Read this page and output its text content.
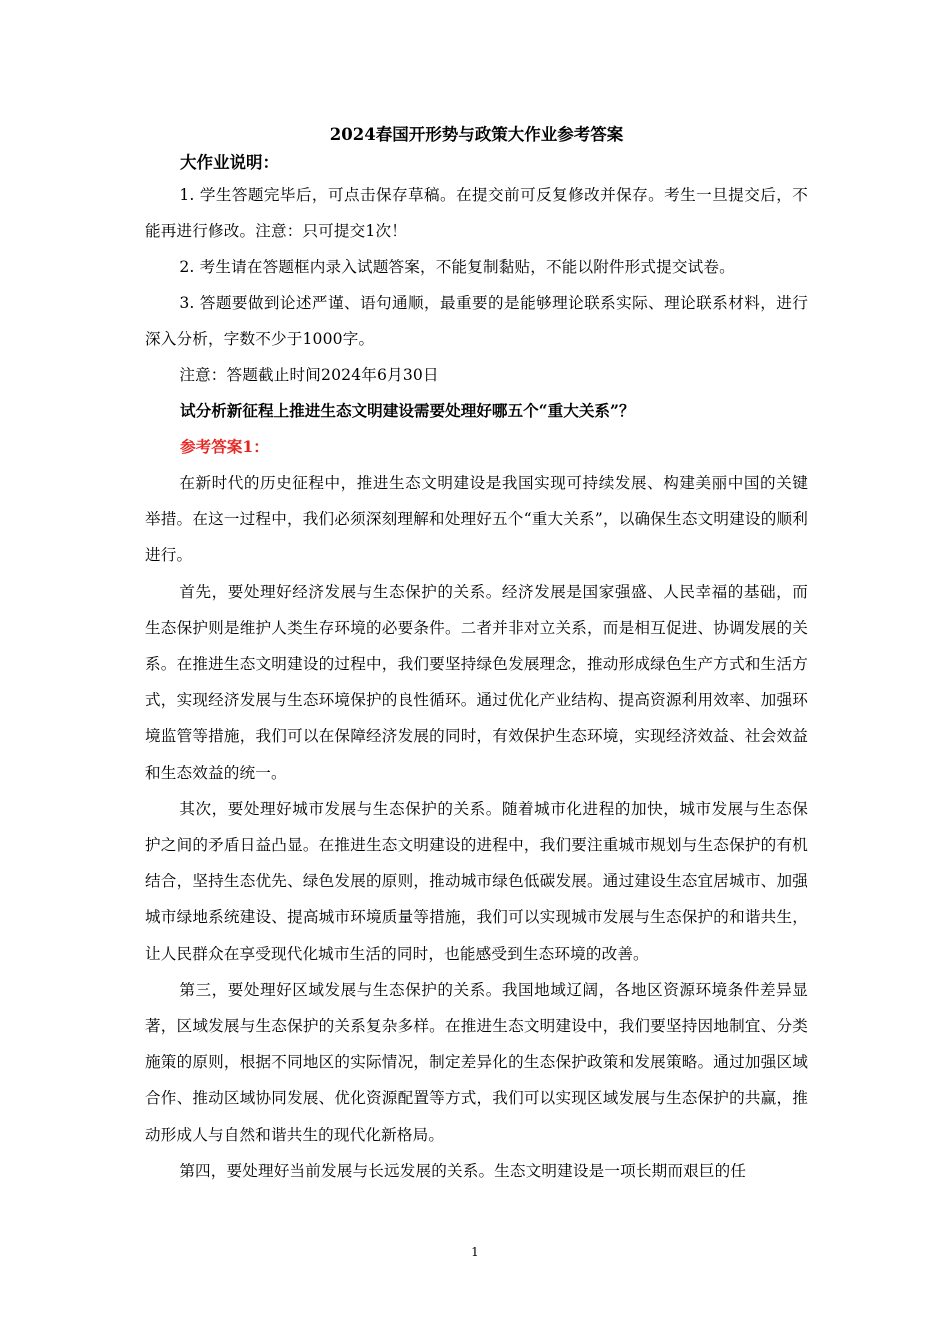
2024春国开形势与政策大作业参考答案

大作业说明：

1. 学生答题完毕后，可点击保存草稿。在提交前可反复修改并保存。考生一旦提交后，不能再进行修改。注意：只可提交1次！

2. 考生请在答题框内录入试题答案，不能复制黏贴，不能以附件形式提交试卷。

3. 答题要做到论述严谨、语句通顺，最重要的是能够理论联系实际、理论联系材料，进行深入分析，字数不少于1000字。

注意：答题截止时间2024年6月30日

试分析新征程上推进生态文明建设需要处理好哪五个“重大关系”？

参考答案1：

在新时代的历史征程中，推进生态文明建设是我国实现可持续发展、构建美丽中国的关键举措。在这一过程中，我们必须深刻理解和处理好五个“重大关系”，以确保生态文明建设的顺利进行。

首先，要处理好经济发展与生态保护的关系。经济发展是国家强盛、人民幸福的基础，而生态保护则是维护人类生存环境的必要条件。二者并非对立关系，而是相互促进、协调发展的关系。在推进生态文明建设的过程中，我们要坚持绿色发展理念，推动形成绿色生产方式和生活方式，实现经济发展与生态环境保护的良性循环。通过优化产业结构、提高资源利用效率、加强环境监管等措施，我们可以在保障经济发展的同时，有效保护生态环境，实现经济效益、社会效益和生态效益的统一。

其次，要处理好城市发展与生态保护的关系。随着城市化进程的加快，城市发展与生态保护之间的矛盾日益凸显。在推进生态文明建设的进程中，我们要注重城市规划与生态保护的有机结合，坚持生态优先、绿色发展的原则，推动城市绿色低碳发展。通过建设生态宜居城市、加强城市绿地系统建设、提高城市环境质量等措施，我们可以实现城市发展与生态保护的和谐共生，让人民群众在享受现代化城市生活的同时，也能感受到生态环境的改善。

第三，要处理好区域发展与生态保护的关系。我国地域辽阔，各地区资源环境条件差异显著，区域发展与生态保护的关系复杂多样。在推进生态文明建设中，我们要坚持因地制宜、分类施策的原则，根据不同地区的实际情况，制定差异化的生态保护政策和发展策略。通过加强区域合作、推动区域协同发展、优化资源配置等方式，我们可以实现区域发展与生态保护的共赢，推动形成人与自然和谐共生的现代化新格局。

第四，要处理好当前发展与长远发展的关系。生态文明建设是一项长期而艰巨的任

1
